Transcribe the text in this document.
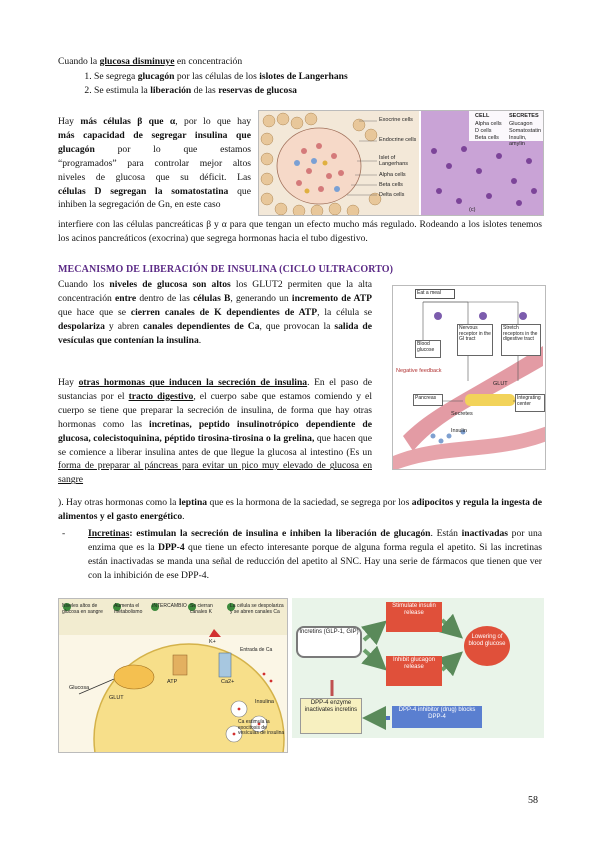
Cuando la glucosa disminuye en concentración

1. Se segrega glucagón por las células de los islotes de Langerhans
2. Se estimula la liberación de las reservas de glucosa

Hay más células β que α, por lo que hay

más capacidad de segregar insulina que

glucagón por lo que estamos

“programados” para controlar mejor altos

niveles de glucosa que su déficit. Las

células D segregan la somatostatina que

inhiben la segregación de Gn, en este caso

interfiere con las células pancreáticas β y α para que tengan un efecto mucho más regulado. Rodeando a los islotes tenemos los acinos pancreáticos (exocrina) que segrega hormonas hacia el tubo digestivo.

Exocrine cells
Endocrine cells
Islet of Langerhans
Alpha cells
Beta cells
Delta cells
CELL	SECRETES
Alpha cells Glucagon
D cells	Somatostatin
Beta cells Insulin, amylin
(c)

MECANISMO DE LIBERACIÓN DE INSULINA (CICLO ULTRACORTO)

Cuando los niveles de glucosa son altos los GLUT2 permiten que la alta concentración entre dentro de las células B, generando un incremento de ATP que hace que se cierren canales de K dependientes de ATP, la célula se despolariza y abren canales dependientes de Ca, que provocan la salida de vesículas que contenían la insulina.

Eat a meal
Blood glucose
Nervous receptor in the GI tract
Stretch receptors in the digestive tract
Negative feedback
Pancreas
Secretes
Insulin
Integrating center
GLUT

Hay otras hormonas que inducen la secreción de insulina. En el paso de sustancias por el tracto digestivo, el cuerpo sabe que estamos comiendo y el cuerpo se tiene que preparar la secreción de insulina, de forma que hay otras hormonas como las incretinas, peptido insulinotrópico dependiente de glucosa, colecistoquinina, péptido tirosina-tirosina o la grelina, que hacen que se comience a liberar insulina antes de que llegue la glucosa al intestino (Es un forma de preparar al páncreas para evitar un pico muy elevado de glucosa en sangre

). Hay otras hormonas como la leptina que es la hormona de la saciedad, se segrega por los adipocitos y regula la ingesta de alimentos y el gasto energético.

- Incretinas: estimulan la secreción de insulina e inhiben la liberación de glucagón. Están inactivadas por una enzima que es la DPP-4 que tiene un efecto interesante porque de alguna forma regula el apetito. Si las incretinas están inactivadas se manda una señal de reducción del apetito al SNC. Hay una serie de fármacos que tienen que ver con la inhibición de ese DPP-4.

Niveles altos de glucosa en sangre
Aumenta el metabolismo
INTERCAMBIO Se cierran canales K
La célula se despolariza y se abren canales Ca
Entrada de Ca
Ca estimula la exocitosis de vesículas de insulina
Glucosa
ATP
K+
Ca2+
Insulina
GLUT
Incretins (GLP-1, GIP)
Stimulate insulin release
Inhibit glucagon release
Lowering of blood glucose
DPP-4 enzyme inactivates incretins	DPP-4 inhibitor (drug) blocks DPP-4
58
